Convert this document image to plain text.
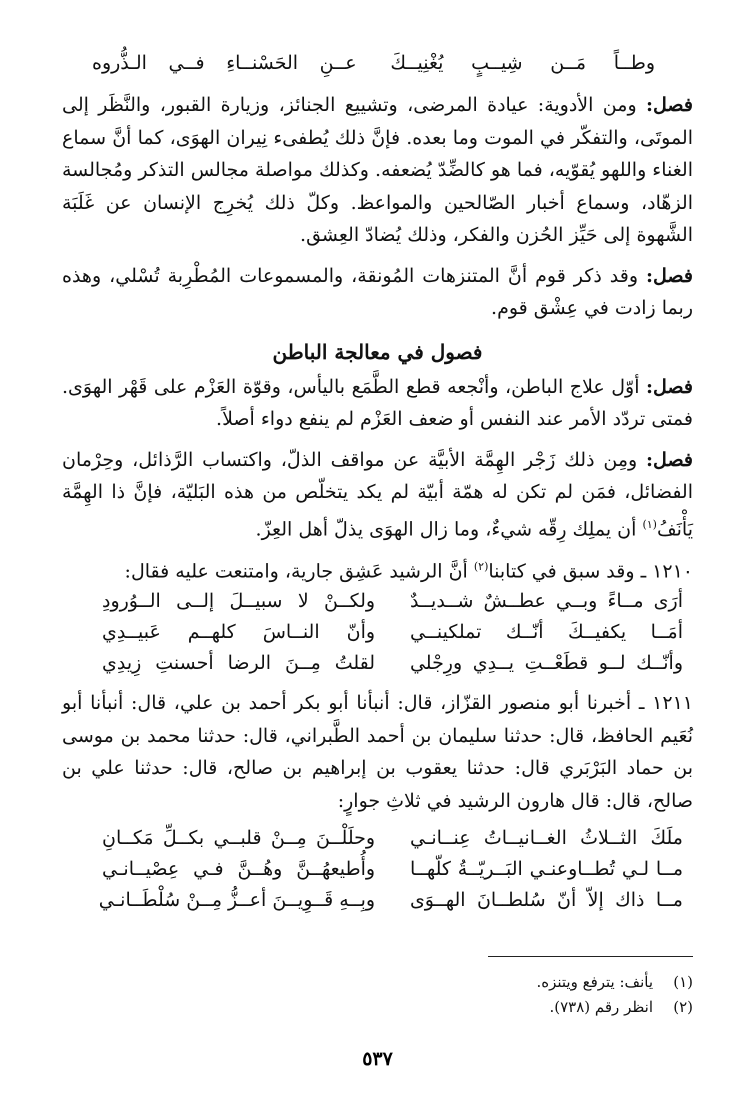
وطــاً مَــن شِيــبٍ يُغْنِيــكَ
عــنِ الحَسْنــاءِ فــي الـذُّروه

فصل: ومن الأدوية: عيادة المرضى، وتشييع الجنائز، وزيارة القبور، والنَّظَر إلى الموتَى، والتفكّر في الموت وما بعده. فإنَّ ذلك يُطفىء نِيران الهوَى، كما أنَّ سماع الغناء واللهو يُقوّيه، فما هو كالضِّدّ يُضعفه. وكذلك مواصلة مجالس التذكر ومُجالسة الزهّاد، وسماع أخبار الصّالحين والمواعظ. وكلّ ذلك يُخرِج الإنسان عن غَلَبَة الشَّهوة إلى حَيِّز الحُزن والفكر، وذلك يُضادّ العِشق.

فصل: وقد ذكر قوم أنَّ المتنزهات المُونقة، والمسموعات المُطْرِبة تُسْلي، وهذه ربما زادت في عِشْق قوم.

فصول في معالجة الباطن

فصل: أوّل علاج الباطن، وأنْجعه قطع الطَّمَع باليأس، وقوّة العَزْم على قَهْر الهوَى. فمتى تردّد الأمر عند النفس أو ضعف العَزْم لم ينفع دواء أصلاً.

فصل: ومِن ذلك زَجْر الهِمَّة الأبيَّة عن مواقف الذلّ، واكتساب الرَّذائل، وحِرْمان الفضائل، فمَن لم تكن له همّة أبيّة لم يكد يتخلّص من هذه البَليّة، فإنَّ ذا الهِمَّة يَأْنَفُ$^{(١)}$ أن يملِك رِقّه شيءٌ، وما زال الهوَى يذلّ أهل العِزّ.

١٢١٠ ـ وقد سبق في كتابنا$^{(٢)}$ أنَّ الرشيد عَشِق جارية، وامتنعت عليه فقال:

أرَى مــاءً وبــي عطــشٌ شــديــدٌ
ولكــنْ لا سبيــلَ إلــى الــوُرودِ
أمَــا يكفيــكَ أنّــك تملكينــي
وأنّ النــاسَ كلهــم عَبيــدِي
وأنّــك لــو قطَعْــتِ يــدِي ورِجْلي
لقلتُ مِــنَ الرضا أحسنتِ زِيدِي

١٢١١ ـ أخبرنا أبو منصور القزّاز، قال: أنبأنا أبو بكر أحمد بن علي، قال: أنبأنا أبو نُعَيم الحافظ، قال: حدثنا سليمان بن أحمد الطَّبراني، قال: حدثنا محمد بن موسى بن حماد البَرْبَري قال: حدثنا يعقوب بن إبراهيم بن صالح، قال: حدثنا علي بن صالح، قال: قال هارون الرشيد في ثلاثِ جوارٍ:

ملَكَ الثــلاثُ الغــانيــاتُ عِنــانـي
وحلَلْــنَ مِــنْ قلبــي بكــلِّ مَكــانِ
مــا لـي تُطــاوعنـي البَــريّــةُ كلّهــا
وأُطيعهُــنَّ وهُــنَّ فـي عِصْيــانـي
مــا ذاك إلاّ أنّ سُلطــانَ الهــوَى
وبِــهِ قَــوِيــنَ أعــزُّ مِــنْ سُلْطَــانـي
(١)
يأنف: يترفع ويتنزه.
(٢)
انظر رقم (٧٣٨).
٥٣٧
